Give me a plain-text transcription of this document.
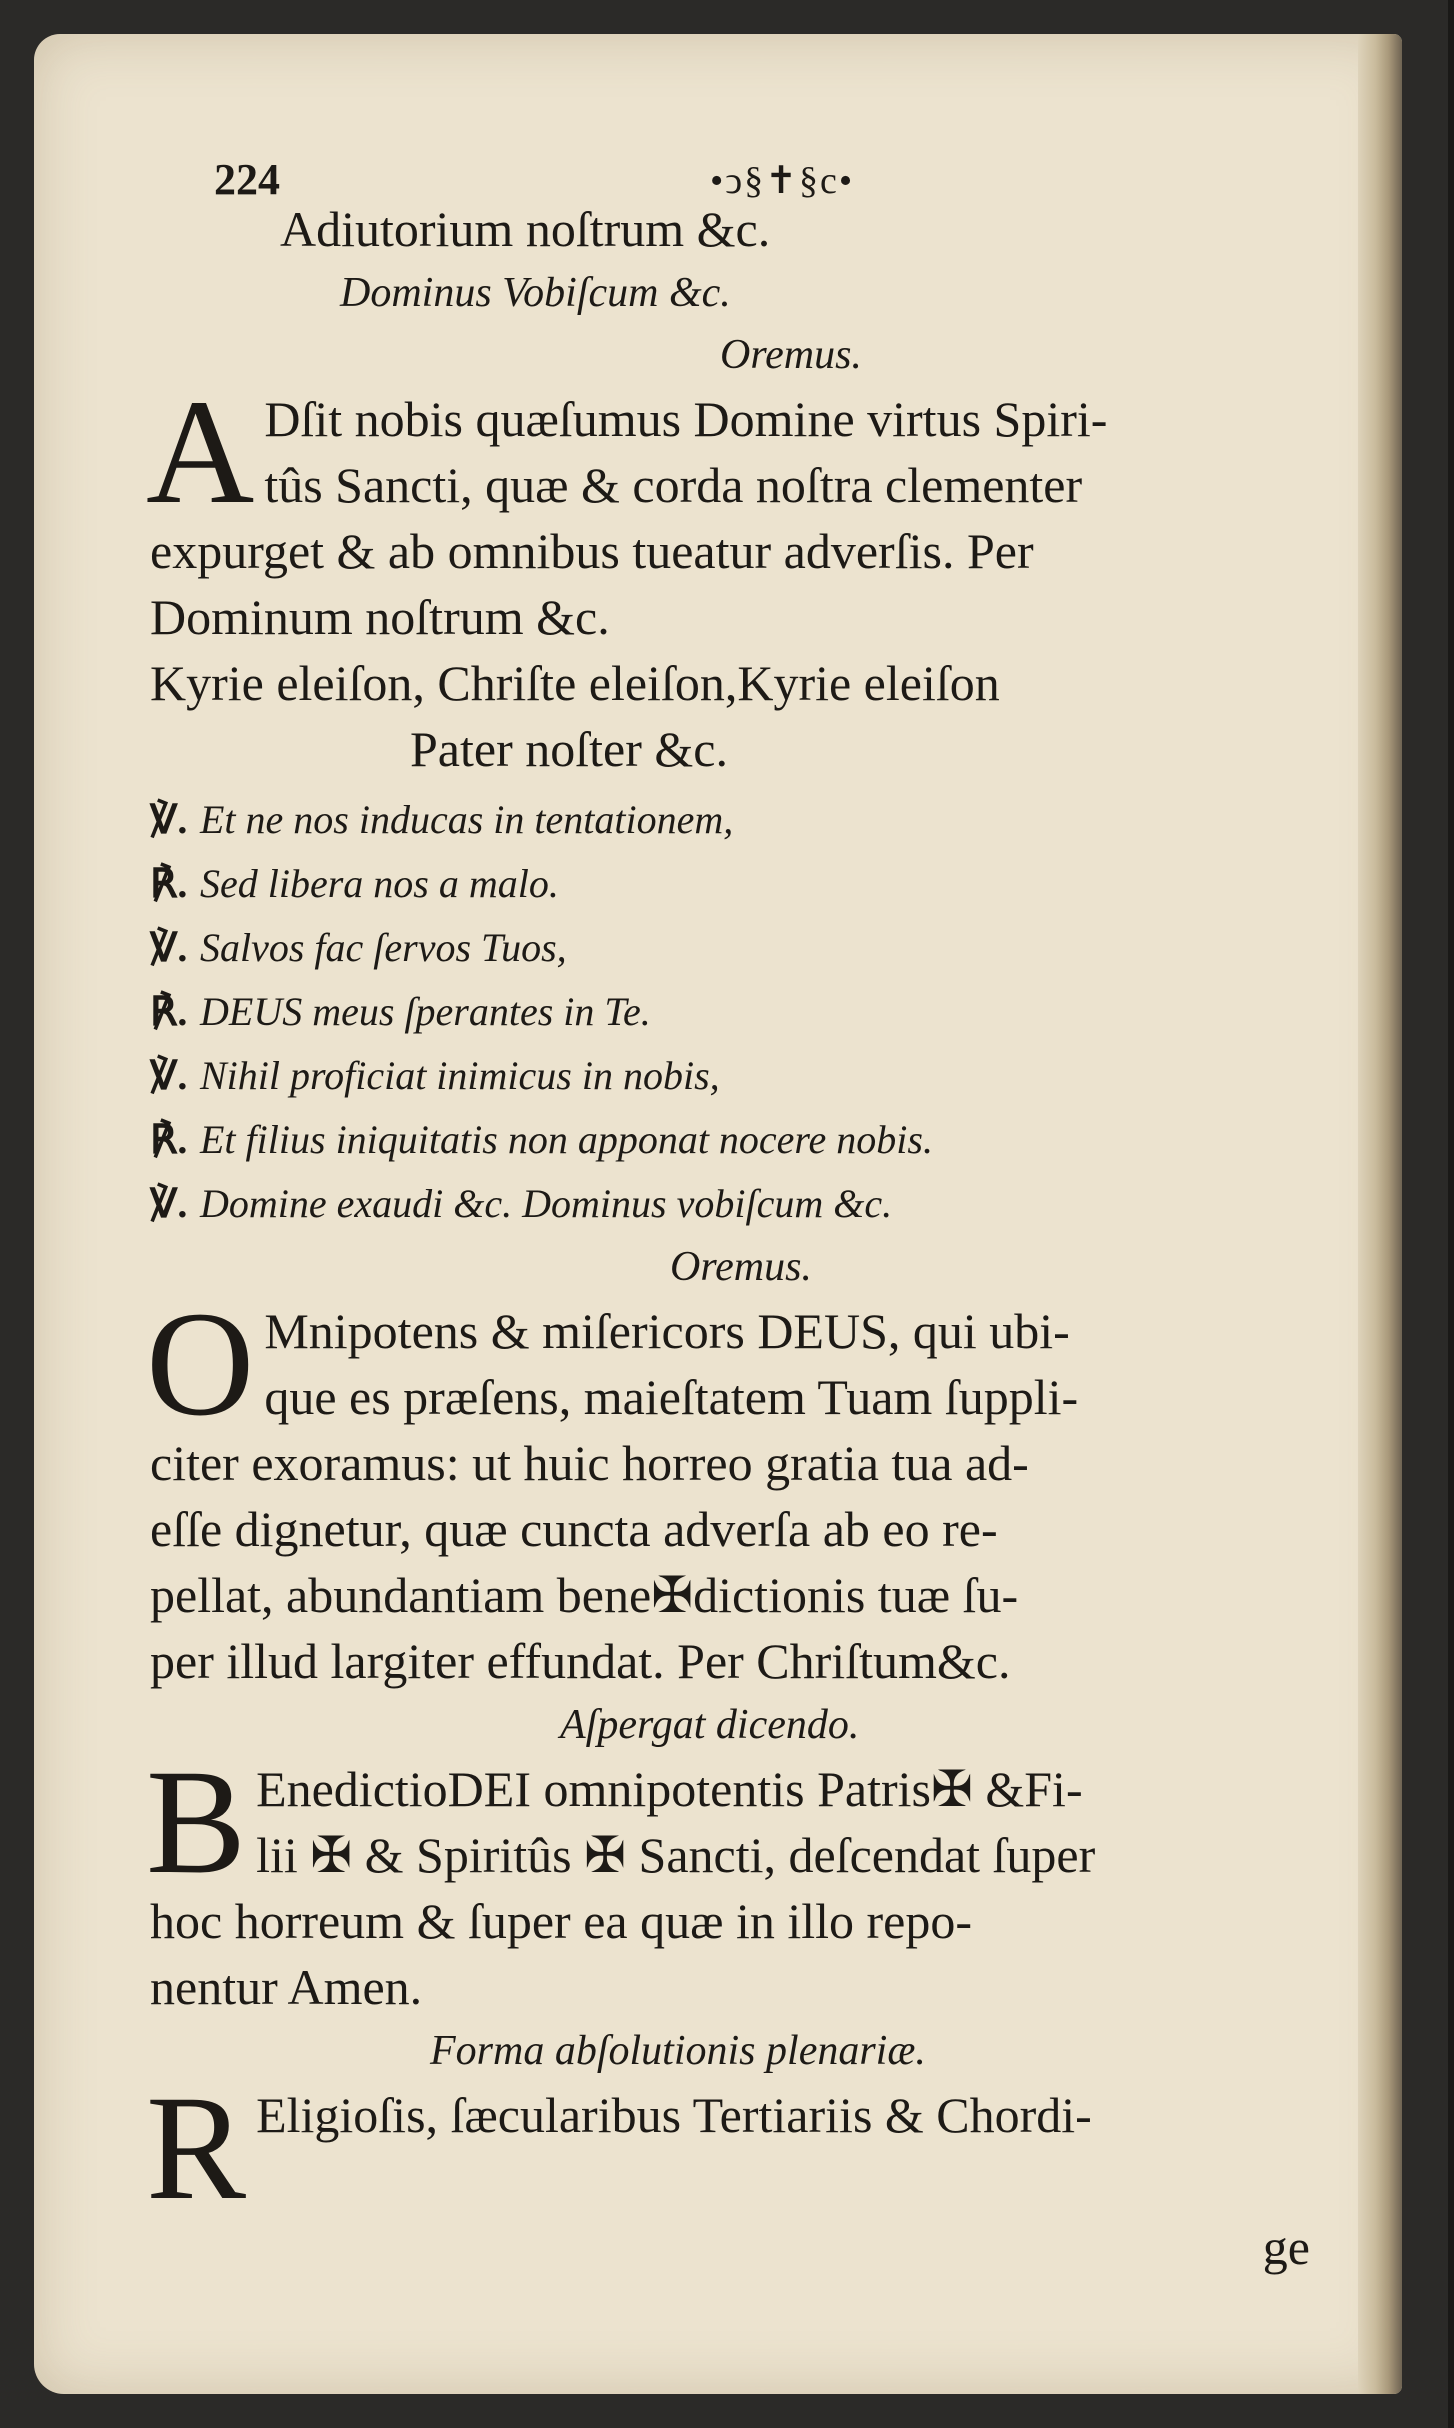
224	•ↄ§✝§c•
Adiutorium noſtrum &c.
Dominus Vobiſcum &c.
Oremus.
A Dſit nobis quæſumus Domine virtus Spiri-
tûs Sancti, quæ & corda noſtra clementer
expurget & ab omnibus tueatur adverſis. Per
Dominum noſtrum &c.
Kyrie eleiſon, Chriſte eleiſon,Kyrie eleiſon
Pater noſter &c.
℣. Et ne nos inducas in tentationem,
℟. Sed libera nos a malo.
℣. Salvos fac ſervos Tuos,
℟. DEUS meus ſperantes in Te.
℣. Nihil proficiat inimicus in nobis,
℟. Et filius iniquitatis non apponat nocere nobis.
℣. Domine exaudi &c. Dominus vobiſcum &c.
Oremus.
O Mnipotens & miſericors DEUS, qui ubi-
que es præſens, maieſtatem Tuam ſuppli-
citer exoramus: ut huic horreo gratia tua ad-
eſſe dignetur, quæ cuncta adverſa ab eo re-
pellat, abundantiam bene✠dictionis tuæ ſu-
per illud largiter effundat. Per Chriſtum&c.
Aſpergat dicendo.
B EnedictioDEI omnipotentis Patris✠ &Fi-
lii ✠ & Spiritûs ✠ Sancti, deſcendat ſuper
hoc horreum & ſuper ea quæ in illo repo-
nentur Amen.
Forma abſolutionis plenariæ.
R Eligioſis, ſæcularibus Tertiariis & Chordi-
ge
